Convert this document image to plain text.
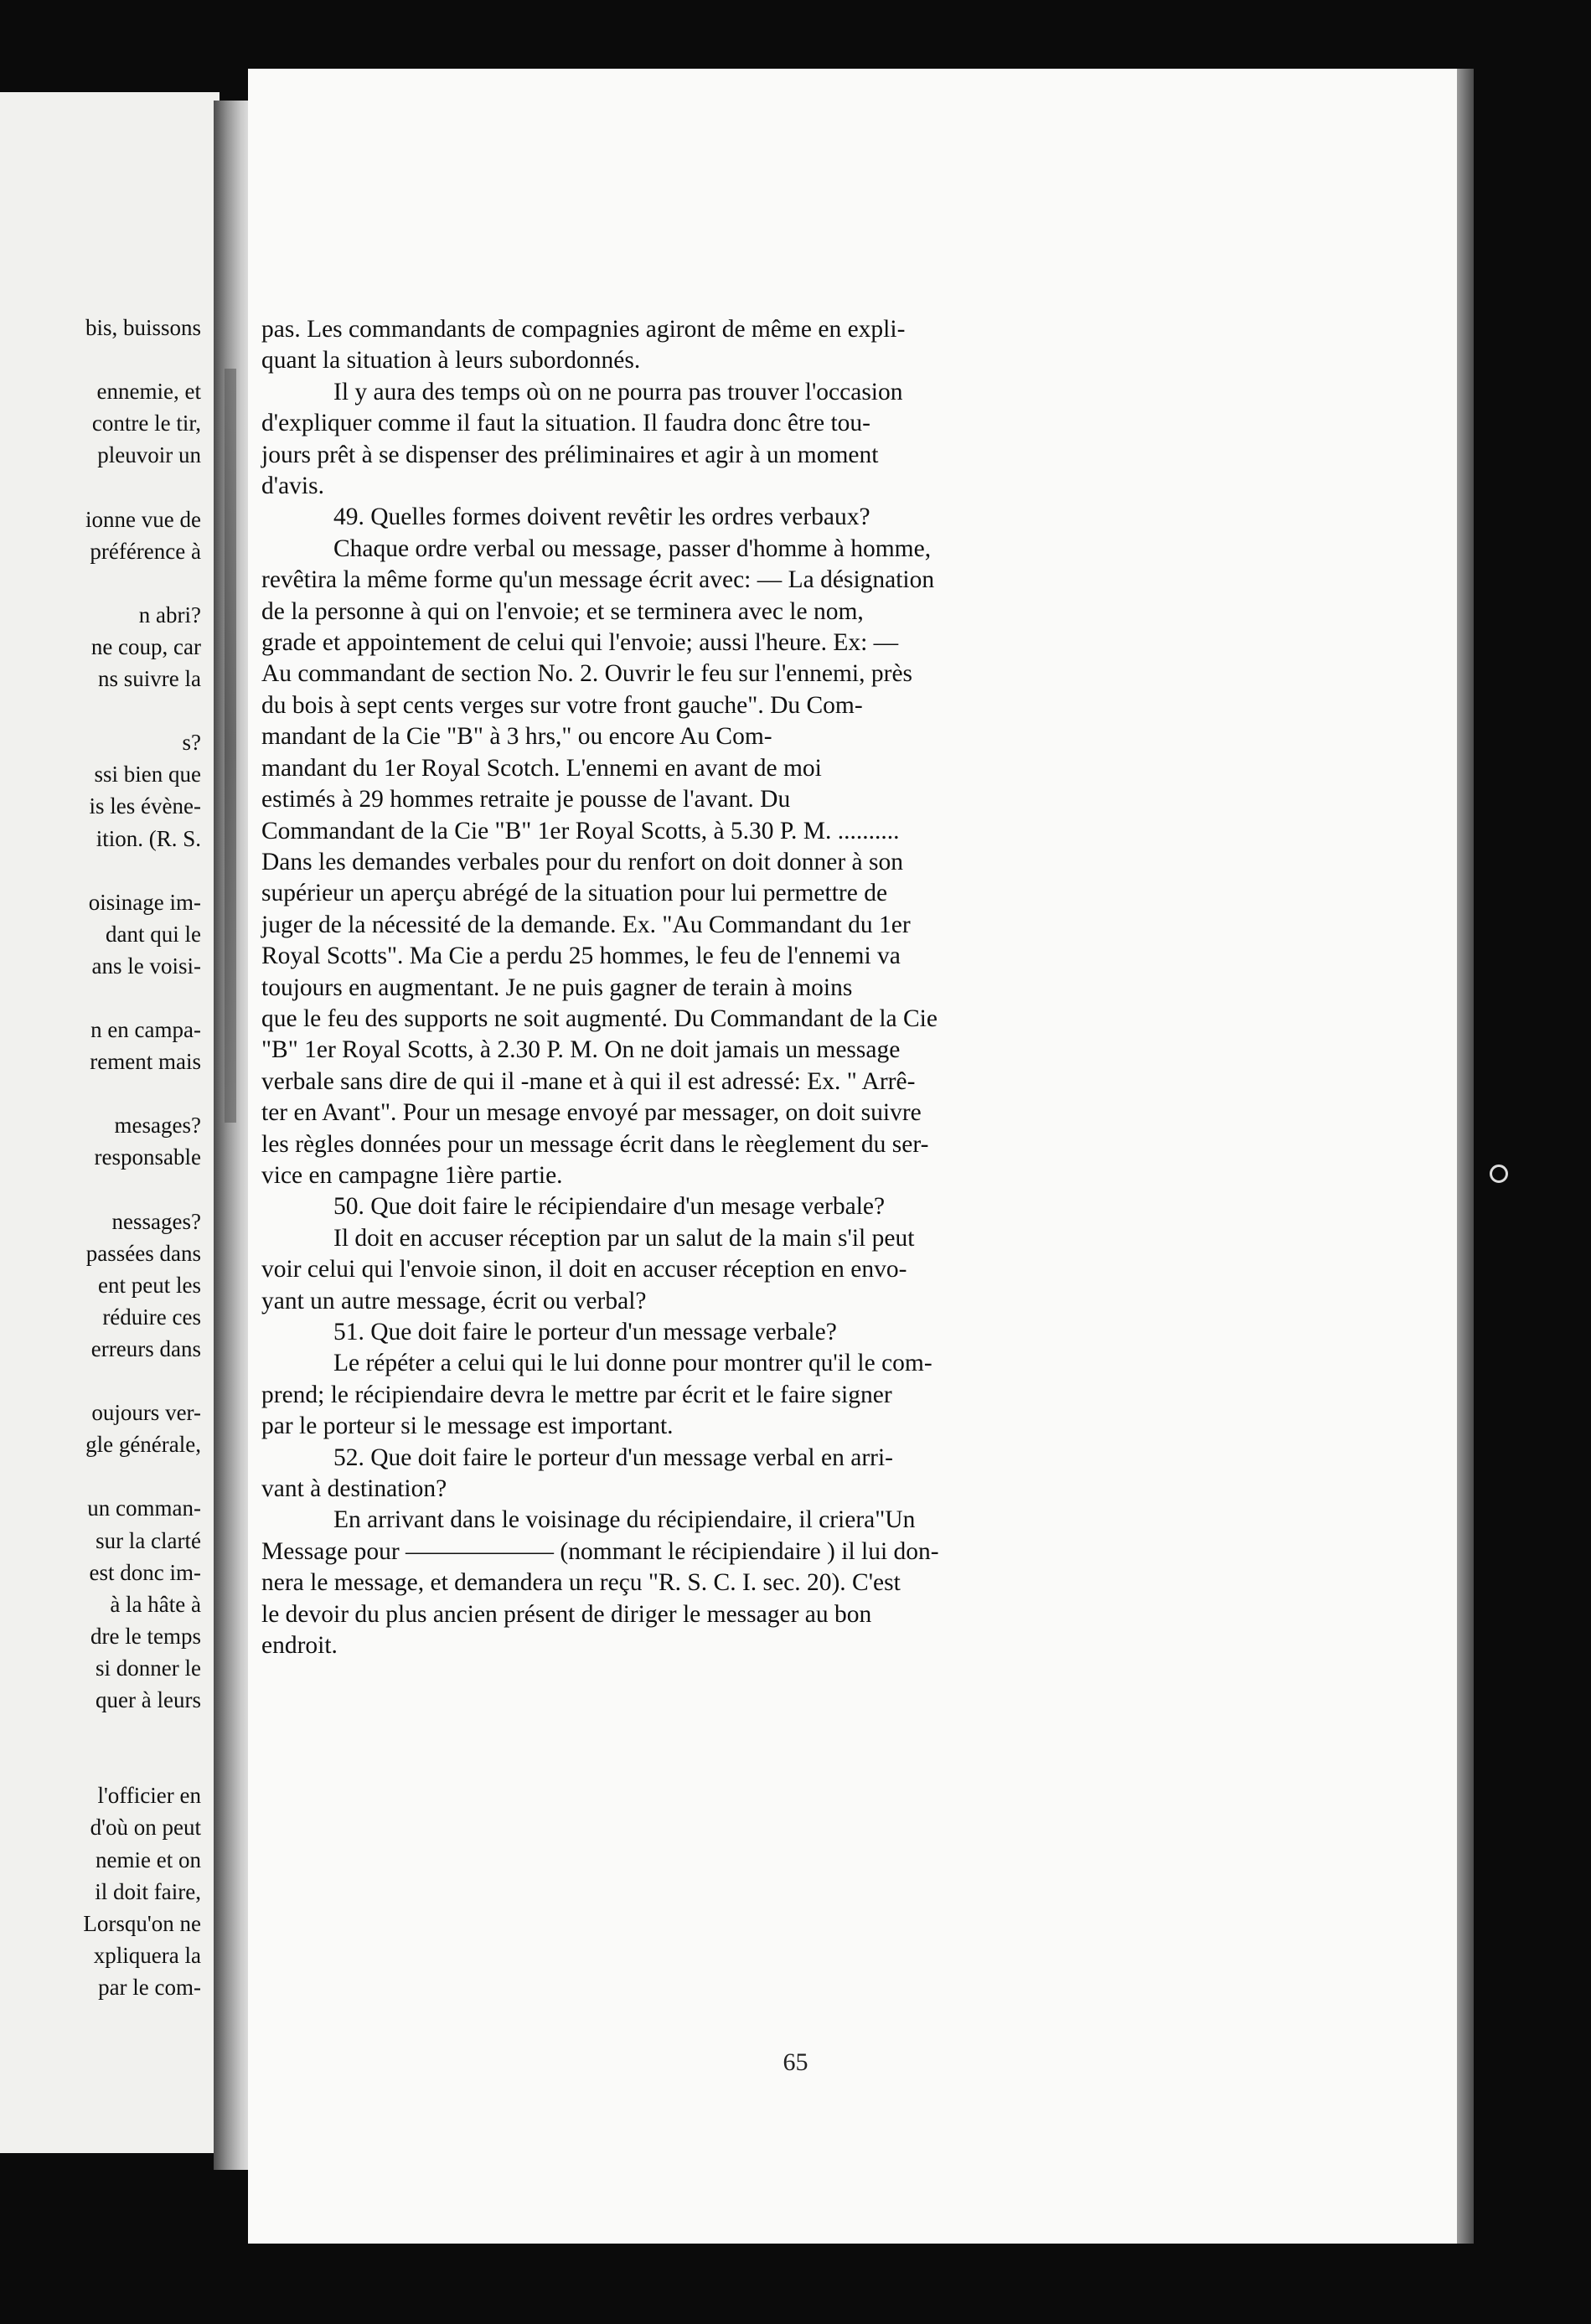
bis, buissons
ennemie, et
contre le tir,
pleuvoir un
ionne vue de
préférence à
n abri?
ne coup, car
ns suivre la
s?
ssi bien que
is les évène-
ition. (R. S.
oisinage im-
dant qui le
ans le voisi-
n en campa-
rement mais
mesages?
responsable
nessages?
passées dans
ent peut les
réduire ces
erreurs dans
oujours ver-
gle générale,
un comman-
sur la clarté
est donc im-
à la hâte à
dre le temps
si donner le
quer à leurs
l'officier en
d'où on peut
nemie et on
il doit faire,
Lorsqu'on ne
xpliquera la
par le com-

pas. Les commandants de compagnies agiront de même en expli-
quant la situation à leurs subordonnés.

Il y aura des temps où on ne pourra pas trouver l'occasion
d'expliquer comme il faut la situation. Il faudra donc être tou-
jours prêt à se dispenser des préliminaires et agir à un moment
d'avis.

49. Quelles formes doivent revêtir les ordres verbaux?

Chaque ordre verbal ou message, passer d'homme à homme,
revêtira la même forme qu'un message écrit avec: — La désignation
de la personne à qui on l'envoie; et se terminera avec le nom,
grade et appointement de celui qui l'envoie; aussi l'heure. Ex: —
Au commandant de section No. 2. Ouvrir le feu sur l'ennemi, près
du bois à sept cents verges sur votre front gauche". Du Com-
mandant de la Cie "B" à 3 hrs," ou encore Au Com-
mandant du 1er Royal Scotch. L'ennemi en avant de moi
estimés à 29 hommes retraite je pousse de l'avant. Du
Commandant de la Cie "B" 1er Royal Scotts, à 5.30 P. M. ..........
Dans les demandes verbales pour du renfort on doit donner à son
supérieur un aperçu abrégé de la situation pour lui permettre de
juger de la nécessité de la demande. Ex. "Au Commandant du 1er
Royal Scotts". Ma Cie a perdu 25 hommes, le feu de l'ennemi va
toujours en augmentant. Je ne puis gagner de terain à moins
que le feu des supports ne soit augmenté. Du Commandant de la Cie
"B" 1er Royal Scotts, à 2.30 P. M. On ne doit jamais un message
verbale sans dire de qui il -mane et à qui il est adressé: Ex. " Arrê-
ter en Avant". Pour un mesage envoyé par messager, on doit suivre
les règles données pour un message écrit dans le rèeglement du ser-
vice en campagne 1ière partie.

50. Que doit faire le récipiendaire d'un mesage verbale?

Il doit en accuser réception par un salut de la main s'il peut
voir celui qui l'envoie sinon, il doit en accuser réception en envo-
yant un autre message, écrit ou verbal?

51. Que doit faire le porteur d'un message verbale?

Le répéter a celui qui le lui donne pour montrer qu'il le com-
prend; le récipiendaire devra le mettre par écrit et le faire signer
par le porteur si le message est important.

52. Que doit faire le porteur d'un message verbal en arri-
vant à destination?

En arrivant dans le voisinage du récipiendaire, il criera"Un
Message pour —————— (nommant le récipiendaire ) il lui don-
nera le message, et demandera un reçu "R. S. C. I. sec. 20). C'est
le devoir du plus ancien présent de diriger le messager au bon
endroit.

65
